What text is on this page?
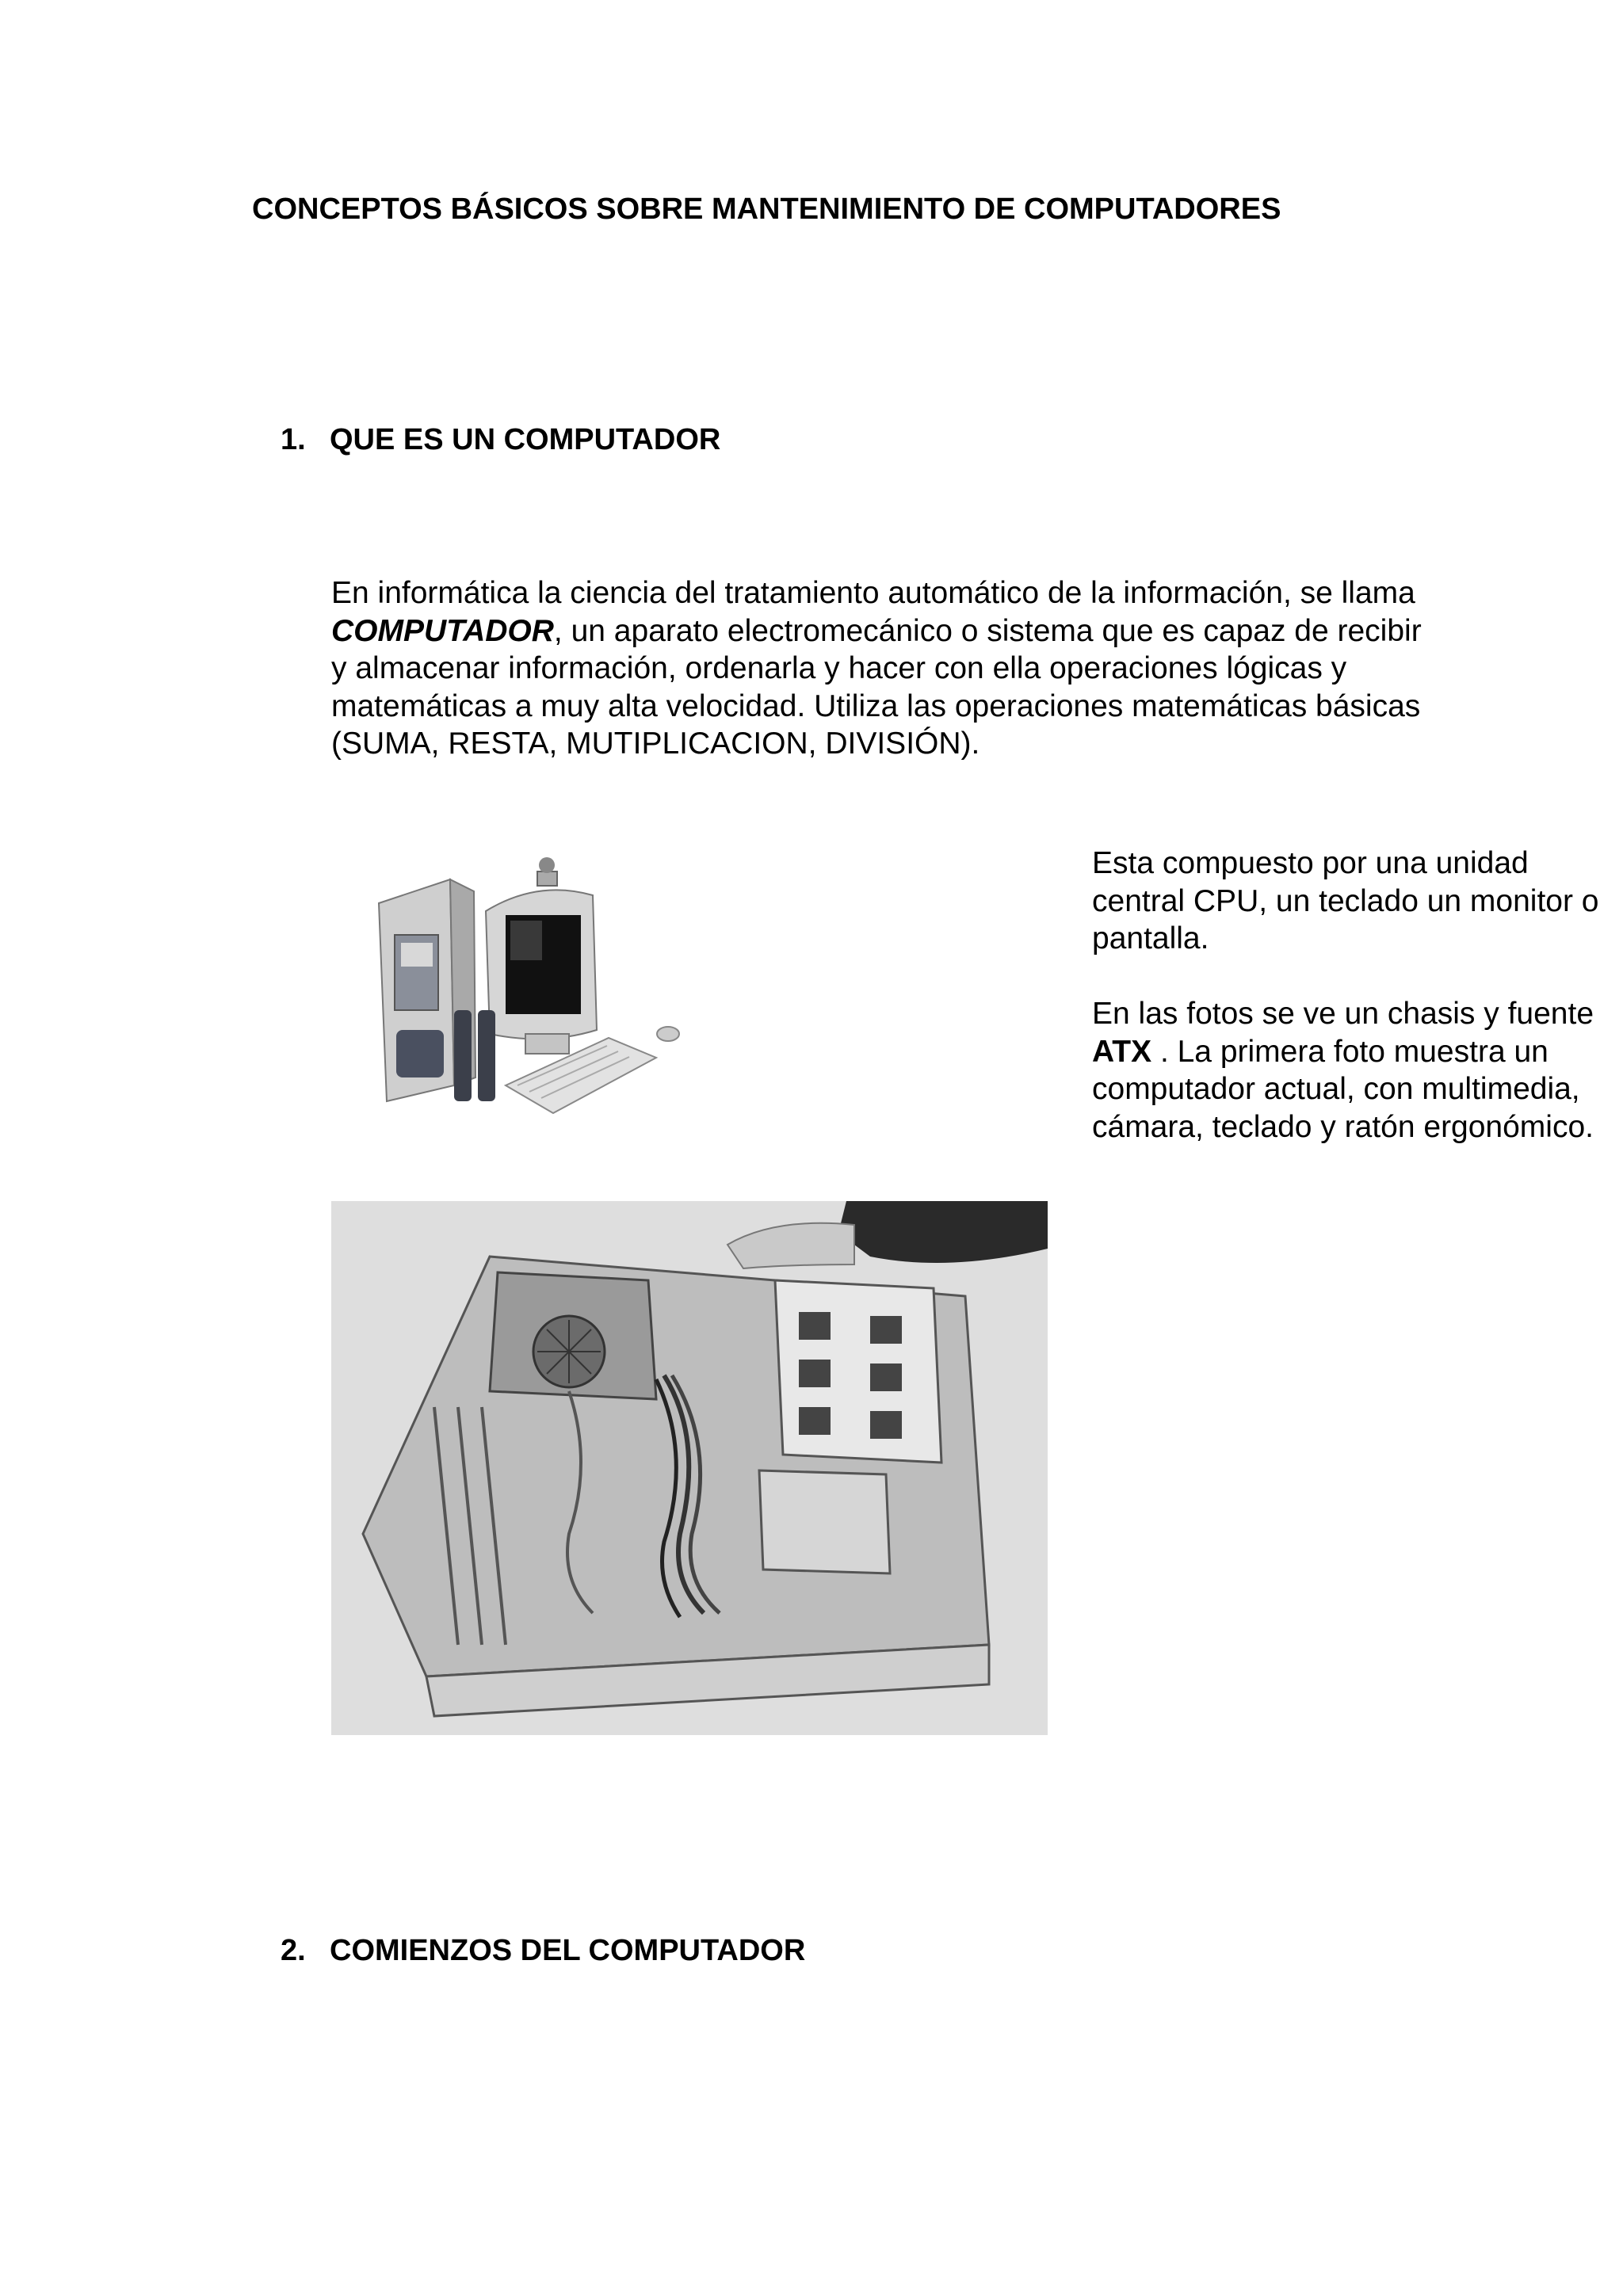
CONCEPTOS BÁSICOS SOBRE MANTENIMIENTO DE COMPUTADORES
1. QUE ES UN COMPUTADOR
En informática la ciencia del tratamiento automático de la información, se llama COMPUTADOR, un aparato electromecánico o sistema que es capaz de recibir y almacenar información, ordenarla y hacer con ella operaciones lógicas y matemáticas a muy alta velocidad. Utiliza las operaciones matemáticas básicas (SUMA, RESTA, MUTIPLICACION, DIVISIÓN).

Esta compuesto por una unidad central CPU, un teclado un monitor o pantalla.

En las fotos se ve un chasis y fuente ATX . La primera foto muestra un computador actual, con multimedia, cámara, teclado y ratón ergonómico.

2. COMIENZOS DEL COMPUTADOR
